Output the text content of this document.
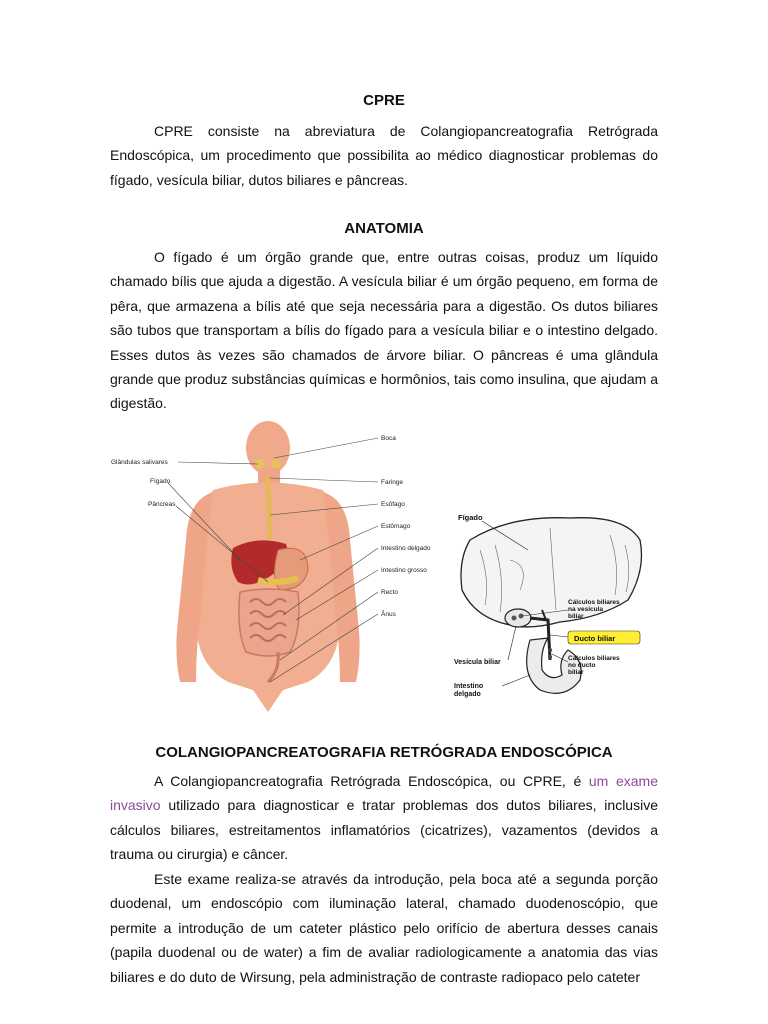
CPRE

CPRE consiste na abreviatura de Colangiopancreatografia Retrógrada Endoscópica, um procedimento que possibilita ao médico diagnosticar problemas do fígado, vesícula biliar, dutos biliares e pâncreas.

ANATOMIA

O fígado é um órgão grande que, entre outras coisas, produz um líquido chamado bílis que ajuda a digestão. A vesícula biliar é um órgão pequeno, em forma de pêra, que armazena a bílis até que seja necessária para a digestão. Os dutos biliares são tubos que transportam a bílis do fígado para a vesícula biliar e o intestino delgado. Esses dutos às vezes são chamados de árvore biliar. O pâncreas é uma glândula grande que produz substâncias químicas e hormônios, tais como insulina, que ajudam a digestão.

Glândulas salivares
Fígado
Pâncreas
Boca
Faringe
Esôfago
Estômago
Intestino delgado
Intestino grosso
Recto
Ânus
Fígado
Cálculos biliares na vesícula biliar
Ducto biliar
Vesícula biliar
Cálculos biliares no ducto biliar
Intestino delgado
COLANGIOPANCREATOGRAFIA RETRÓGRADA ENDOSCÓPICA

A Colangiopancreatografia Retrógrada Endoscópica, ou CPRE, é um exame invasivo utilizado para diagnosticar e tratar problemas dos dutos biliares, inclusive cálculos biliares, estreitamentos inflamatórios (cicatrizes), vazamentos (devidos a trauma ou cirurgia) e câncer.

Este exame realiza-se através da introdução, pela boca até a segunda porção duodenal, um endoscópio com iluminação lateral, chamado duodenoscópio, que permite a introdução de um cateter plástico pelo orifício de abertura desses canais (papila duodenal ou de water) a fim de avaliar radiologicamente a anatomia das vias biliares e do duto de Wirsung, pela administração de contraste radiopaco pelo cateter
